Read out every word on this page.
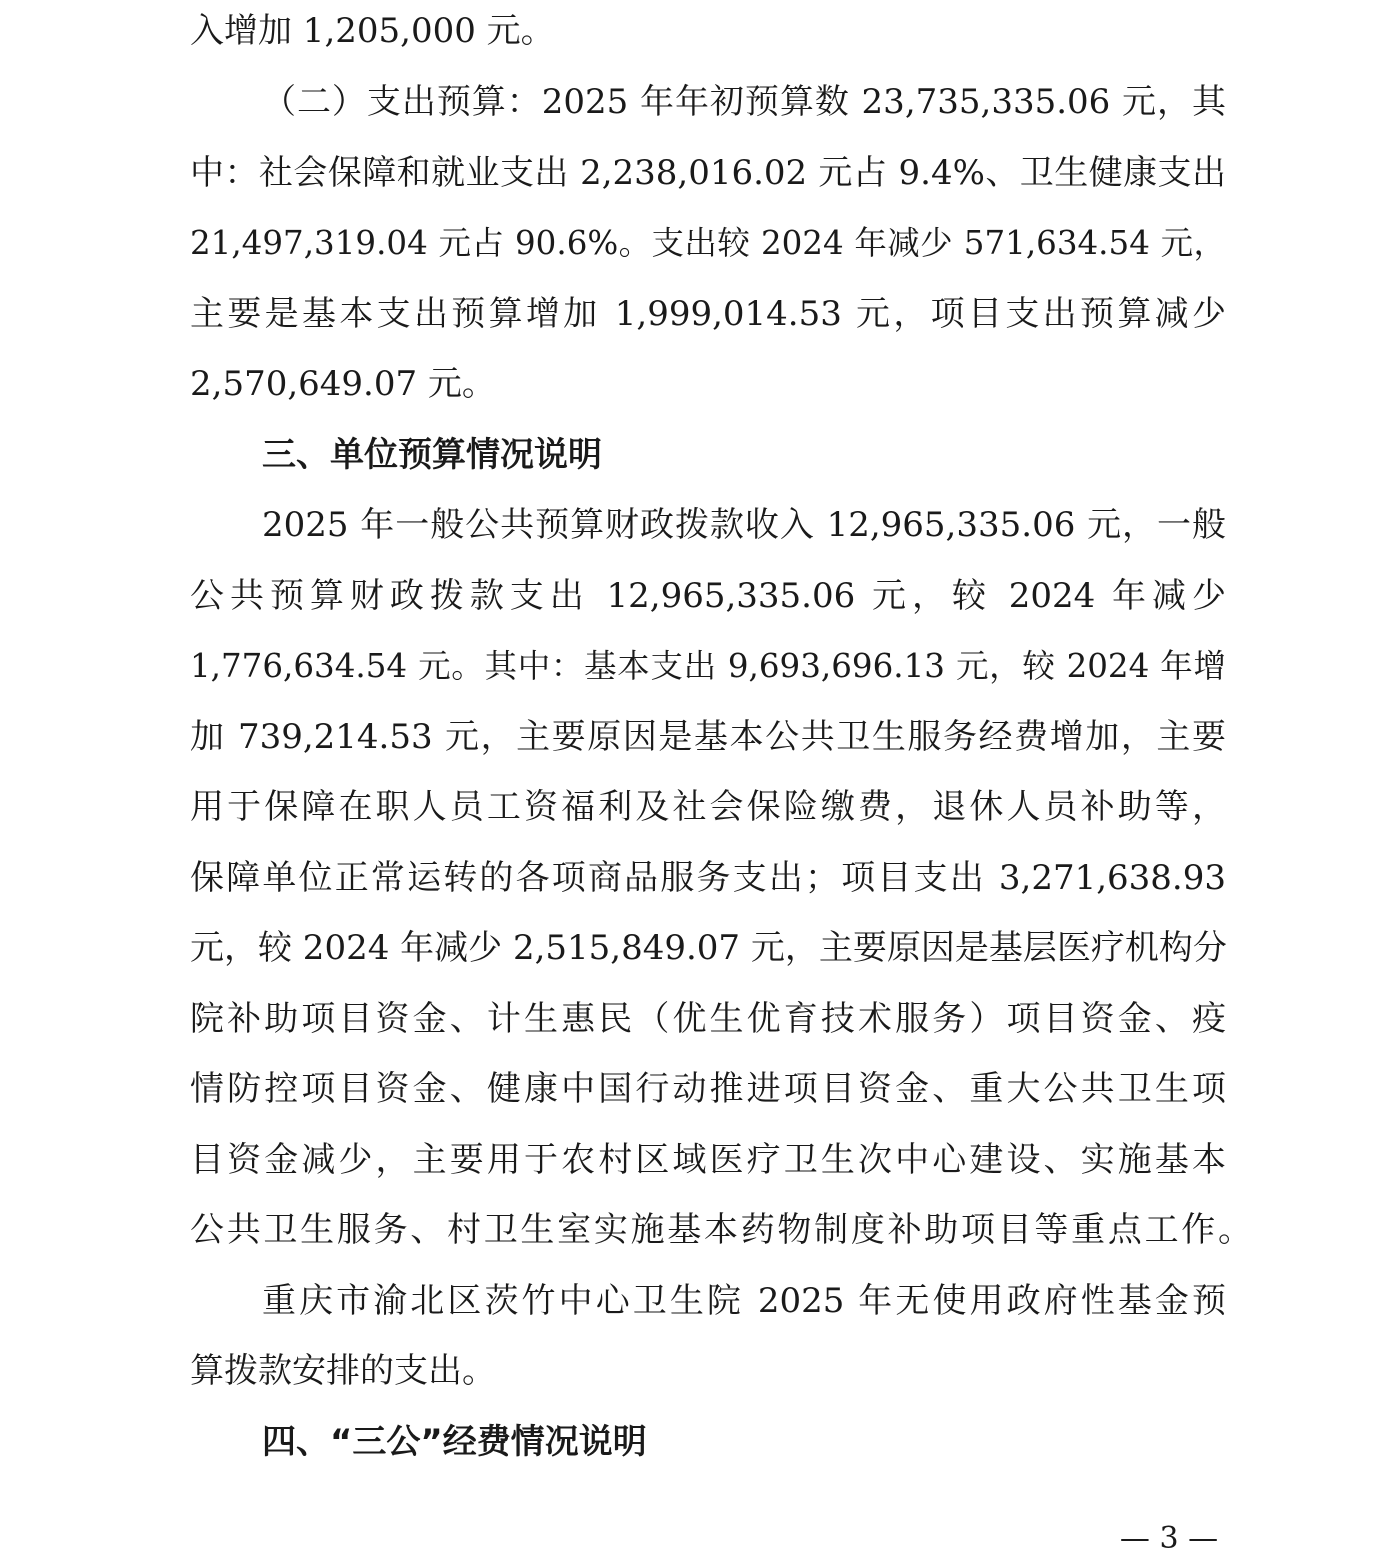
入增加 1,205,000 元。
（二）支出预算：2025 年年初预算数 23,735,335.06 元，其
中：社会保障和就业支出 2,238,016.02 元占 9.4%、卫生健康支出
21,497,319.04 元占 90.6%。支出较 2024 年减少 571,634.54 元，
主要是基本支出预算增加 1,999,014.53 元，项目支出预算减少
2,570,649.07 元。
三、单位预算情况说明
2025 年一般公共预算财政拨款收入 12,965,335.06 元，一般
公共预算财政拨款支出 12,965,335.06 元，较 2024 年减少
1,776,634.54 元。其中：基本支出 9,693,696.13 元，较 2024 年增
加 739,214.53 元，主要原因是基本公共卫生服务经费增加，主要
用于保障在职人员工资福利及社会保险缴费，退休人员补助等，
保障单位正常运转的各项商品服务支出；项目支出 3,271,638.93
元，较 2024 年减少 2,515,849.07 元，主要原因是基层医疗机构分
院补助项目资金、计生惠民（优生优育技术服务）项目资金、疫
情防控项目资金、健康中国行动推进项目资金、重大公共卫生项
目资金减少，主要用于农村区域医疗卫生次中心建设、实施基本
公共卫生服务、村卫生室实施基本药物制度补助项目等重点工作。
重庆市渝北区茨竹中心卫生院 2025 年无使用政府性基金预
算拨款安排的支出。
四、“三公”经费情况说明
— 3 —
